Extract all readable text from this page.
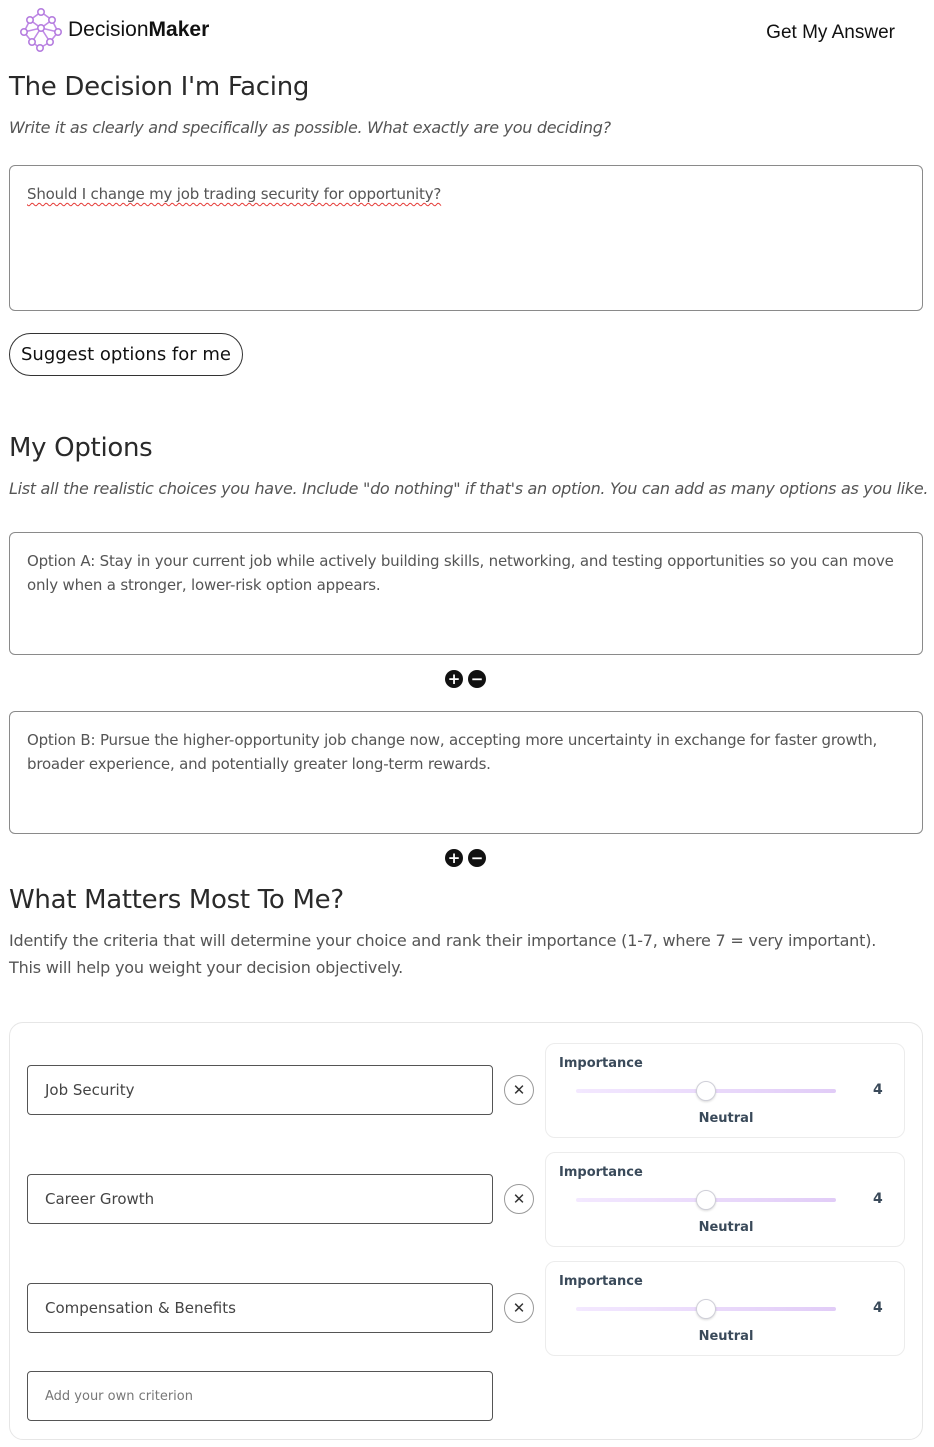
DecisionMaker	Get My Answer
The Decision I'm Facing
Write it as clearly and specifically as possible. What exactly are you deciding?
Should I change my job trading security for opportunity?
Suggest options for me
My Options
List all the realistic choices you have. Include "do nothing" if that's an option. You can add as many options as you like.
Option A: Stay in your current job while actively building skills, networking, and testing opportunities so you can move only when a stronger, lower-risk option appears.
+ −
Option B: Pursue the higher-opportunity job change now, accepting more uncertainty in exchange for faster growth, broader experience, and potentially greater long-term rewards.
+ −
What Matters Most To Me?
Identify the criteria that will determine your choice and rank their importance (1-7, where 7 = very important). This will help you weight your decision objectively.
Job Security	✕
Importance
4
Neutral
Career Growth	✕
Importance
4
Neutral
Compensation & Benefits	✕
Importance
4
Neutral
Add your own criterion
